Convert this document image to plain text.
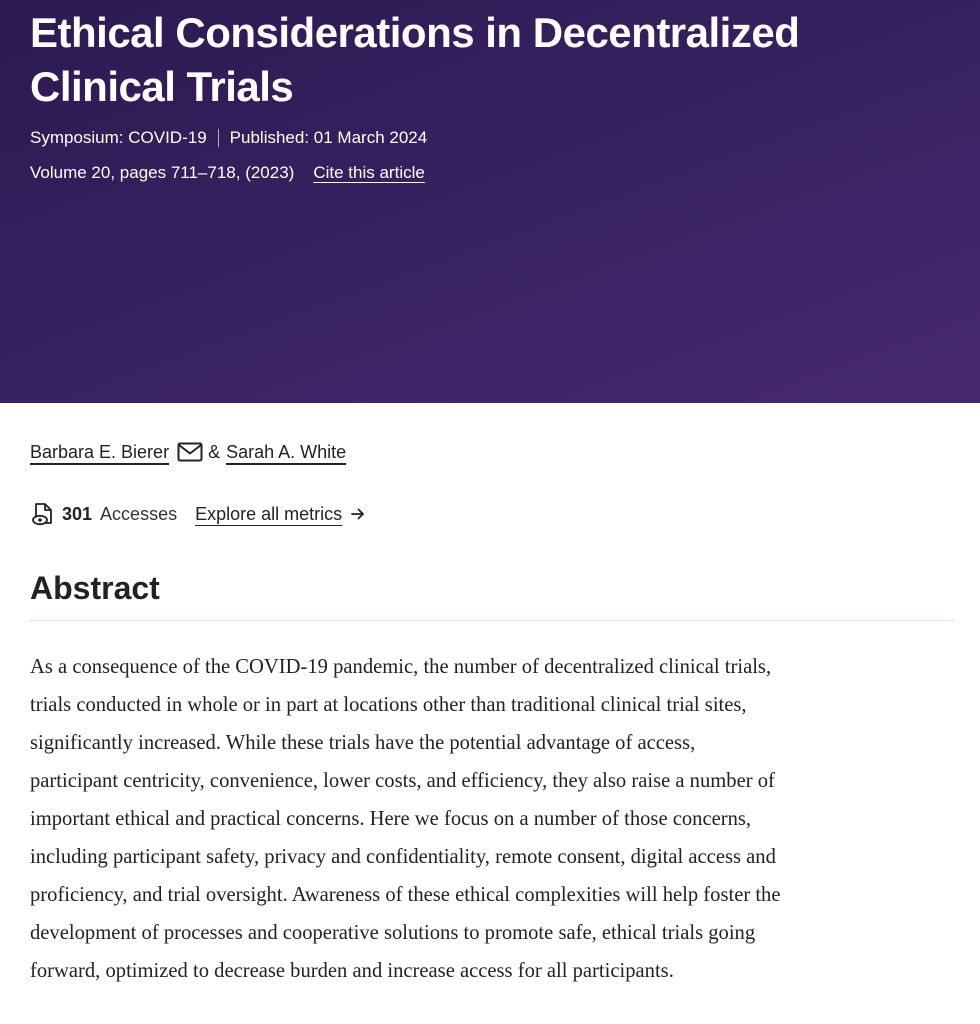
Ethical Considerations in Decentralized Clinical Trials
Symposium: COVID-19 Published: 01 March 2024
Volume 20, pages 711–718, (2023) Cite this article
Barbara E. Bierer & Sarah A. White
301 Accesses Explore all metrics
Abstract
As a consequence of the COVID-19 pandemic, the number of decentralized clinical trials,
trials conducted in whole or in part at locations other than traditional clinical trial sites,
significantly increased. While these trials have the potential advantage of access,
participant centricity, convenience, lower costs, and efficiency, they also raise a number of
important ethical and practical concerns. Here we focus on a number of those concerns,
including participant safety, privacy and confidentiality, remote consent, digital access and
proficiency, and trial oversight. Awareness of these ethical complexities will help foster the
development of processes and cooperative solutions to promote safe, ethical trials going
forward, optimized to decrease burden and increase access for all participants.
